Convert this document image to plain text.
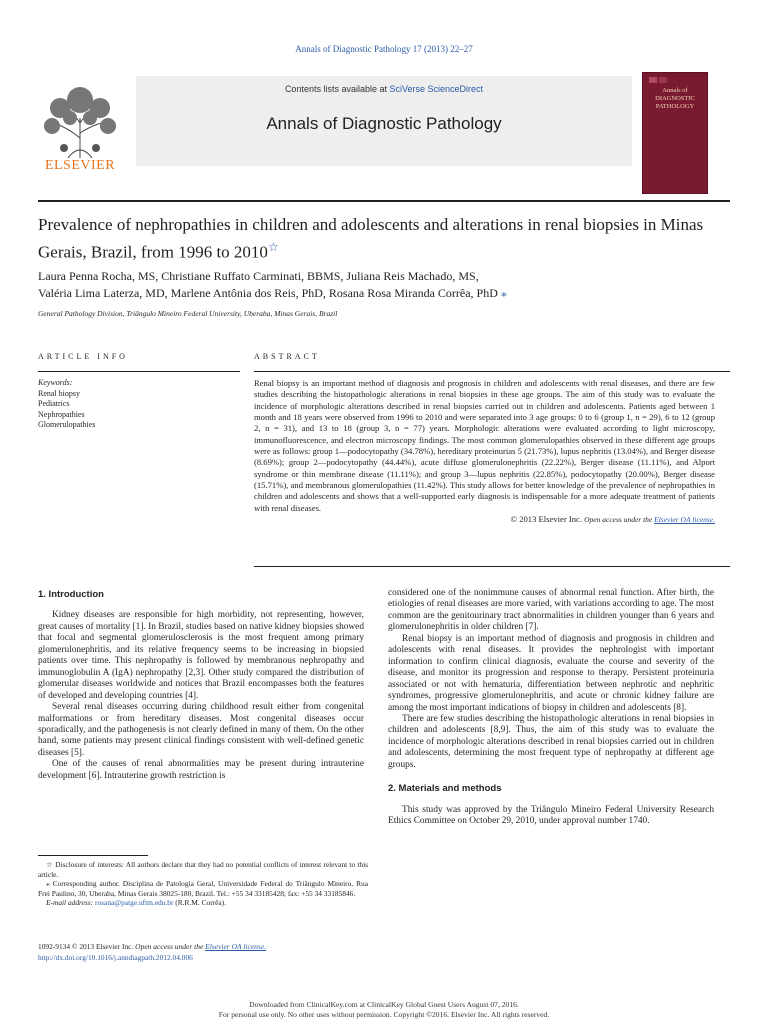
Annals of Diagnostic Pathology 17 (2013) 22–27
ELSEVIER
Contents lists available at SciVerse ScienceDirect
Annals of Diagnostic Pathology
Annals of DIAGNOSTIC PATHOLOGY
Prevalence of nephropathies in children and adolescents and alterations in renal biopsies in Minas Gerais, Brazil, from 1996 to 2010☆
Laura Penna Rocha, MS, Christiane Ruffato Carminati, BBMS, Juliana Reis Machado, MS,
Valéria Lima Laterza, MD, Marlene Antônia dos Reis, PhD, Rosana Rosa Miranda Corrêa, PhD ⁎
General Pathology Division, Triângulo Mineiro Federal University, Uberaba, Minas Gerais, Brazil
ARTICLE INFO	ABSTRACT
Keywords:
Renal biopsy
Pediatrics
Nephropathies
Glomerulopathies
Renal biopsy is an important method of diagnosis and prognosis in children and adolescents with renal diseases, and there are few studies describing the histopathologic alterations in renal biopsies in these age groups. The aim of this study was to evaluate the incidence of morphologic alterations described in renal biopsies carried out in children and adolescents. Patients aged between 1 month and 18 years were observed from 1996 to 2010 and were separated into 3 age groups: 0 to 6 (group 1, n = 29), 6 to 12 (group 2, n = 31), and 13 to 18 (group 3, n = 77) years. Morphologic alterations were evaluated according to light microscopy, immunofluorescence, and electron microscopy findings. The most common glomerulopathies observed in these different age groups were as follows: group 1—podocytopathy (34.78%), hereditary proteinurias 5 (21.73%), lupus nephritis (13.04%), and Berger disease (8.69%); group 2—podocytopathy (44.44%), acute diffuse glomerulonephritis (22.22%), Berger disease (11.11%), and Alport syndrome or thin membrane disease (11.11%); and group 3—lupus nephritis (22.85%), podocytopathy (20.00%), Berger disease (15.71%), and membranous glomerulopathies (11.42%). This study allows for better knowledge of the prevalence of nephropathies in children and adolescents and shows that a well-supported early diagnosis is indispensable for a more adequate treatment of patients with renal diseases.
© 2013 Elsevier Inc. Open access under the Elsevier OA license.
1. Introduction

Kidney diseases are responsible for high morbidity, not representing, however, great causes of mortality [1]. In Brazil, studies based on native kidney biopsies showed that focal and segmental glomerulosclerosis is the most frequent among primary glomerulonephritis, and its relative frequency seems to be increasing in biopsied patients over time. This nephropathy is followed by membranous nephropathy and immunoglobulin A (IgA) nephropathy [2,3]. Other study compared the distribution of glomerular diseases worldwide and notices that Brazil encompasses both the features of developed and developing countries [4].

Several renal diseases occurring during childhood result either from congenital malformations or from hereditary diseases. Most congenital diseases occur sporadically, and the pathogenesis is not clearly defined in many of them. On the other hand, some patients may present clinical findings consistent with well-defined genetic diseases [5].

One of the causes of renal abnormalities may be present during intrauterine development [6]. Intrauterine growth restriction is

considered one of the nonimmune causes of abnormal renal function. After birth, the etiologies of renal diseases are more varied, with variations according to age. The most common are the genitourinary tract abnormalities in children younger than 6 years and glomerulonephritis in older children [7].

Renal biopsy is an important method of diagnosis and prognosis in children and adolescents with renal diseases. It provides the nephrologist with important information to confirm clinical diagnosis, evaluate the course and severity of the disease, and monitor its progression and response to therapy. Persistent proteinuria associated or not with hematuria, differentiation between nephrotic and nephritic syndromes, progressive glomerulonephritis, and acute or chronic kidney failure are among the most important indications of biopsy in children and adolescents [8].

There are few studies describing the histopathologic alterations in renal biopsies in children and adolescents [8,9]. Thus, the aim of this study was to evaluate the incidence of morphologic alterations described in renal biopsies carried out in children and adolescents, determining the most frequent type of nephropathy at different age groups.

2. Materials and methods

This study was approved by the Triângulo Mineiro Federal University Research Ethics Committee on October 29, 2010, under approval number 1740.

☆ Disclosure of interests: All authors declare that they had no potential conflicts of interest relevant to this article.

⁎ Corresponding author. Disciplina de Patologia Geral, Universidade Federal do Triângulo Mineiro, Rua Frei Paulino, 30, Uberaba, Minas Gerais 38025-180, Brazil. Tel.: +55 34 33185428; fax: +55 34 33185846.

E-mail address: rosana@patge.uftm.edu.br (R.R.M. Corrêa).

1092-9134 © 2013 Elsevier Inc. Open access under the Elsevier OA license.
http://dx.doi.org/10.1016/j.anndiagpath.2012.04.006
Downloaded from ClinicalKey.com at ClinicalKey Global Guest Users August 07, 2016.
For personal use only. No other uses without permission. Copyright ©2016. Elsevier Inc. All rights reserved.
